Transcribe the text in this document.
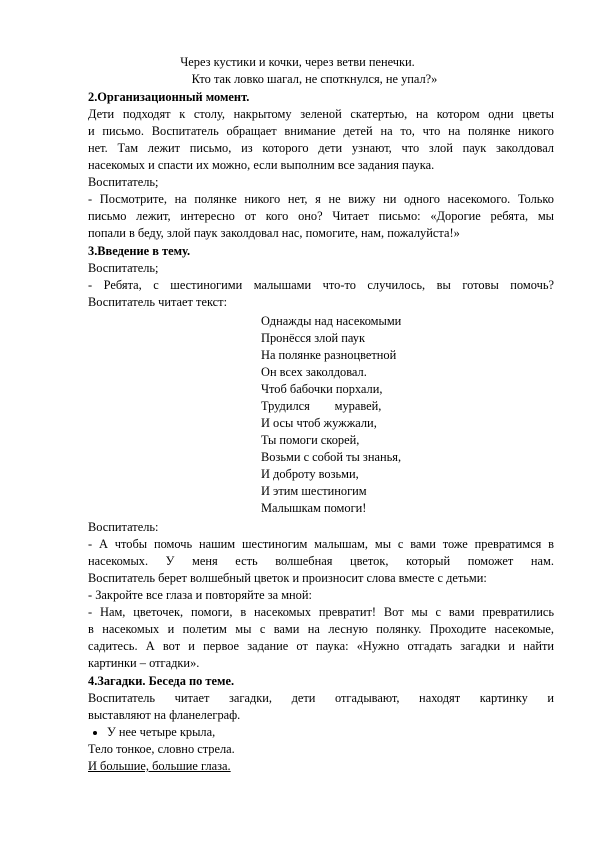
Через кустики и кочки, через ветви пенечки.
Кто так ловко шагал, не споткнулся, не упал?»
2.Организационный момент.
Дети подходят к столу, накрытому зеленой скатертью, на котором одни цветы
и письмо. Воспитатель обращает внимание детей на то, что на полянке никого
нет. Там лежит письмо, из которого дети узнают, что злой паук заколдовал
насекомых и спасти их можно, если выполним все задания паука.
Воспитатель;
- Посмотрите, на полянке никого нет, я не вижу ни одного насекомого. Только
письмо лежит, интересно от кого оно? Читает письмо: «Дорогие ребята, мы
попали в беду, злой паук заколдовал нас, помогите, нам, пожалуйста!»
3.Введение в тему.
Воспитатель;
- Ребята, с шестиногими малышами что-то случилось, вы готовы помочь?
Воспитатель читает текст:
Однажды над насекомыми
Пронёсся злой паук
На полянке разноцветной
Он всех заколдовал.
Чтоб бабочки порхали,
Трудился        муравей,
И осы чтоб жужжали,
Ты помоги скорей,
Возьми с собой ты знанья,
И доброту возьми,
И этим шестиногим
Малышкам помоги!
Воспитатель:
- А чтобы помочь нашим шестиногим малышам, мы с вами тоже превратимся в
насекомых. У меня есть волшебная цветок, который поможет нам.
Воспитатель берет волшебный цветок и произносит слова вместе с детьми:
- Закройте все глаза и повторяйте за мной:
- Нам, цветочек, помоги, в насекомых превратит! Вот мы с вами превратились
в насекомых и полетим мы с вами на лесную полянку. Проходите насекомые,
садитесь. А вот и первое задание от паука: «Нужно отгадать загадки и найти
картинки – отгадки».
4.Загадки. Беседа по теме.
Воспитатель читает загадки, дети отгадывают, находят картинку и
выставляют на фланелеграф.
У нее четыре крыла,
Тело тонкое, словно стрела.
И большие, большие глаза.
